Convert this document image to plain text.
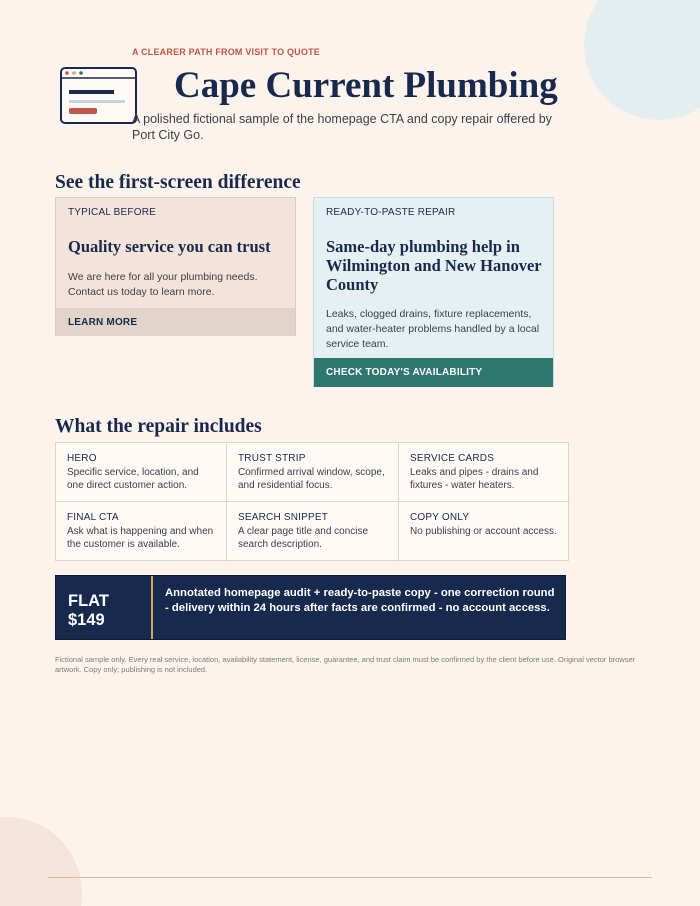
A CLEARER PATH FROM VISIT TO QUOTE
Cape Current Plumbing

A polished fictional sample of the homepage CTA and copy repair offered by Port City Go.

See the first-screen difference
TYPICAL BEFORE
Quality service you can trust
We are here for all your plumbing needs. Contact us today to learn more.
LEARN MORE
READY-TO-PASTE REPAIR
Same-day plumbing help in Wilmington and New Hanover County
Leaks, clogged drains, fixture replacements, and water-heater problems handled by a local service team.
CHECK TODAY'S AVAILABILITY
What the repair includes
HERO
Specific service, location, and one direct customer action.
TRUST STRIP
Confirmed arrival window, scope, and residential focus.
SERVICE CARDS
Leaks and pipes - drains and fixtures - water heaters.
FINAL CTA
Ask what is happening and when the customer is available.
SEARCH SNIPPET
A clear page title and concise search description.
COPY ONLY
No publishing or account access.
FLAT $149
Annotated homepage audit + ready-to-paste copy - one correction round - delivery within 24 hours after facts are confirmed - no account access.

Fictional sample only. Every real service, location, availability statement, license, guarantee, and trust claim must be confirmed by the client before use. Original vector browser artwork. Copy only; publishing is not included.
